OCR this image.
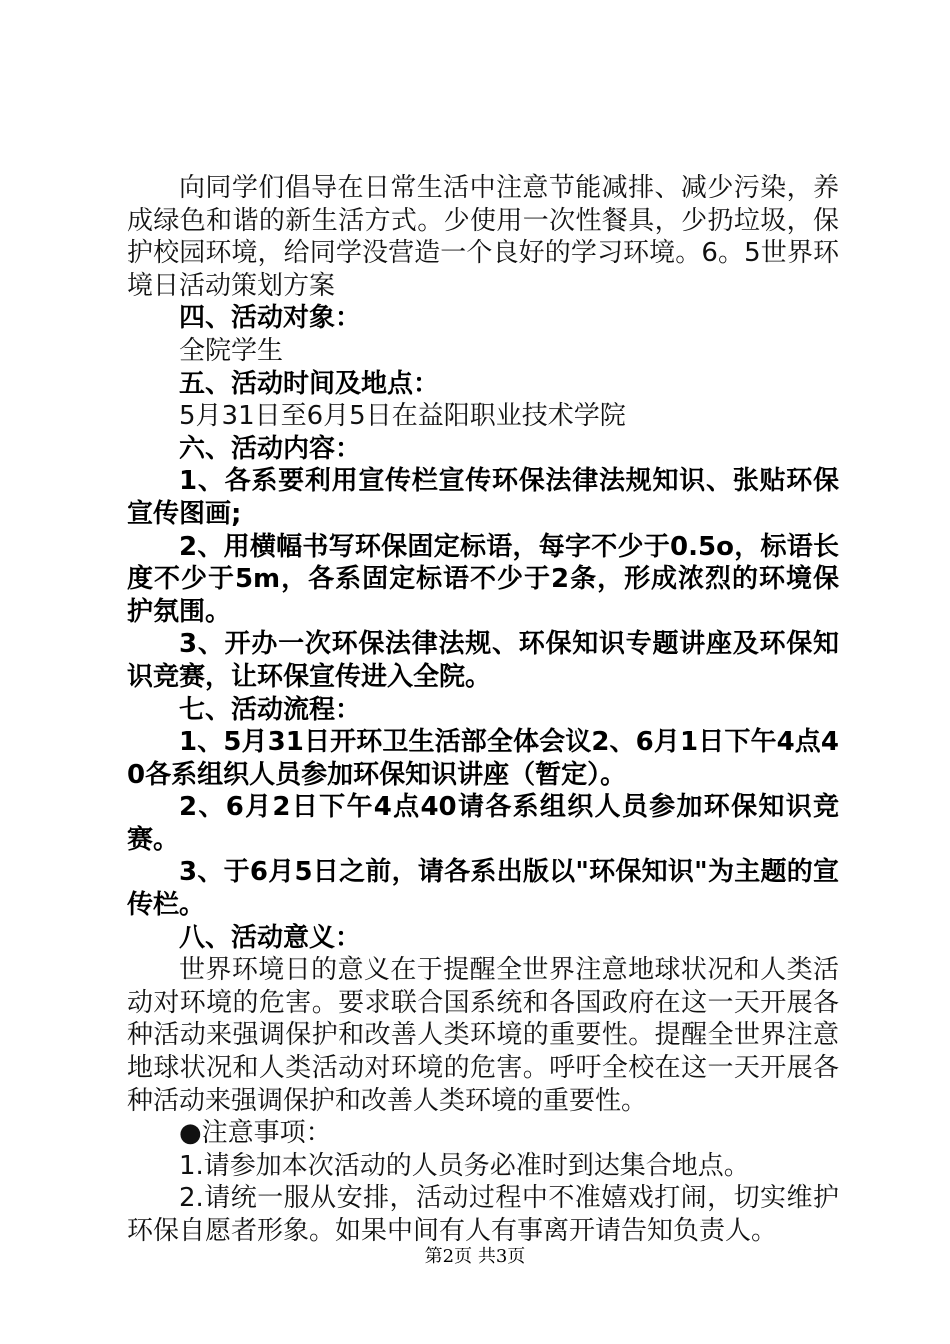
向同学们倡导在日常生活中注意节能减排、减少污染，养成绿色和谐的新生活方式。少使用一次性餐具，少扔垃圾，保护校园环境，给同学没营造一个良好的学习环境。6。5世界环境日活动策划方案

四、活动对象：

全院学生

五、活动时间及地点：

5月31日至6月5日在益阳职业技术学院

六、活动内容：

1、各系要利用宣传栏宣传环保法律法规知识、张贴环保宣传图画;

2、用横幅书写环保固定标语，每字不少于0.5o，标语长度不少于5m，各系固定标语不少于2条，形成浓烈的环境保护氛围。

3、开办一次环保法律法规、环保知识专题讲座及环保知识竞赛，让环保宣传进入全院。

七、活动流程：

1、5月31日开环卫生活部全体会议2、6月1日下午4点40各系组织人员参加环保知识讲座（暂定）。

2、6月2日下午4点40请各系组织人员参加环保知识竞赛。

3、于6月5日之前，请各系出版以"环保知识"为主题的宣传栏。

八、活动意义：

世界环境日的意义在于提醒全世界注意地球状况和人类活动对环境的危害。要求联合国系统和各国政府在这一天开展各种活动来强调保护和改善人类环境的重要性。提醒全世界注意地球状况和人类活动对环境的危害。呼吁全校在这一天开展各种活动来强调保护和改善人类环境的重要性。

●注意事项：

1.请参加本次活动的人员务必准时到达集合地点。

2.请统一服从安排，活动过程中不准嬉戏打闹，切实维护环保自愿者形象。如果中间有人有事离开请告知负责人。

第2页 共3页
